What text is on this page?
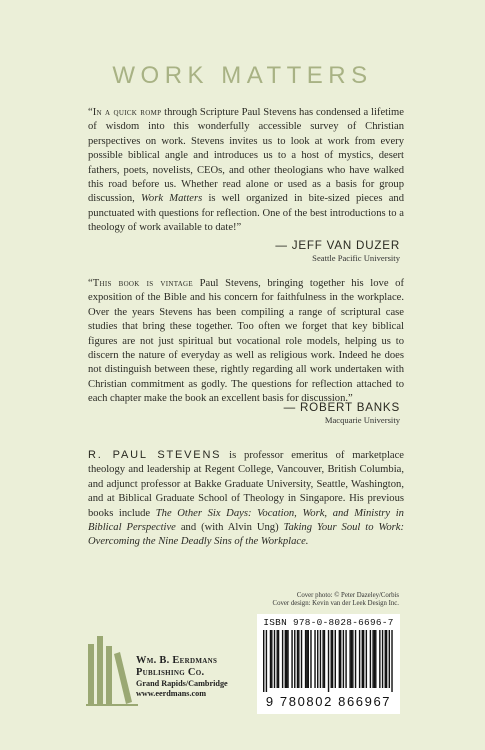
WORK MATTERS
“In a quick romp through Scripture Paul Stevens has condensed a lifetime of wisdom into this wonderfully accessible survey of Christian perspectives on work. Stevens invites us to look at work from every possible biblical angle and introduces us to a host of mystics, desert fathers, poets, novelists, CEOs, and other theologians who have walked this road before us. Whether read alone or used as a basis for group discussion, Work Matters is well organized in bite-sized pieces and punctuated with questions for reflection. One of the best introductions to a theology of work available to date!”
— JEFF VAN DUZER
Seattle Pacific University
“This book is vintage Paul Stevens, bringing together his love of exposition of the Bible and his concern for faithfulness in the workplace. Over the years Stevens has been compiling a range of scriptural case studies that bring these together. Too often we forget that key biblical figures are not just spiritual but vocational role models, helping us to discern the nature of everyday as well as religious work. Indeed he does not distinguish between these, rightly regarding all work undertaken with Christian commitment as godly. The questions for reflection attached to each chapter make the book an excellent basis for discussion.”
— ROBERT BANKS
Macquarie University
R. PAUL STEVENS is professor emeritus of marketplace theology and leadership at Regent College, Vancouver, British Columbia, and adjunct professor at Bakke Graduate University, Seattle, Washington, and at Biblical Graduate School of Theology in Singapore. His previous books include The Other Six Days: Vocation, Work, and Ministry in Biblical Perspective and (with Alvin Ung) Taking Your Soul to Work: Overcoming the Nine Deadly Sins of the Workplace.
Cover photo: © Peter Dazeley/Corbis
Cover design: Kevin van der Leek Design Inc.
ISBN 978-0-8028-6696-7
9 780802 866967
Wm. B. Eerdmans
Publishing Co.
Grand Rapids/Cambridge
www.eerdmans.com
